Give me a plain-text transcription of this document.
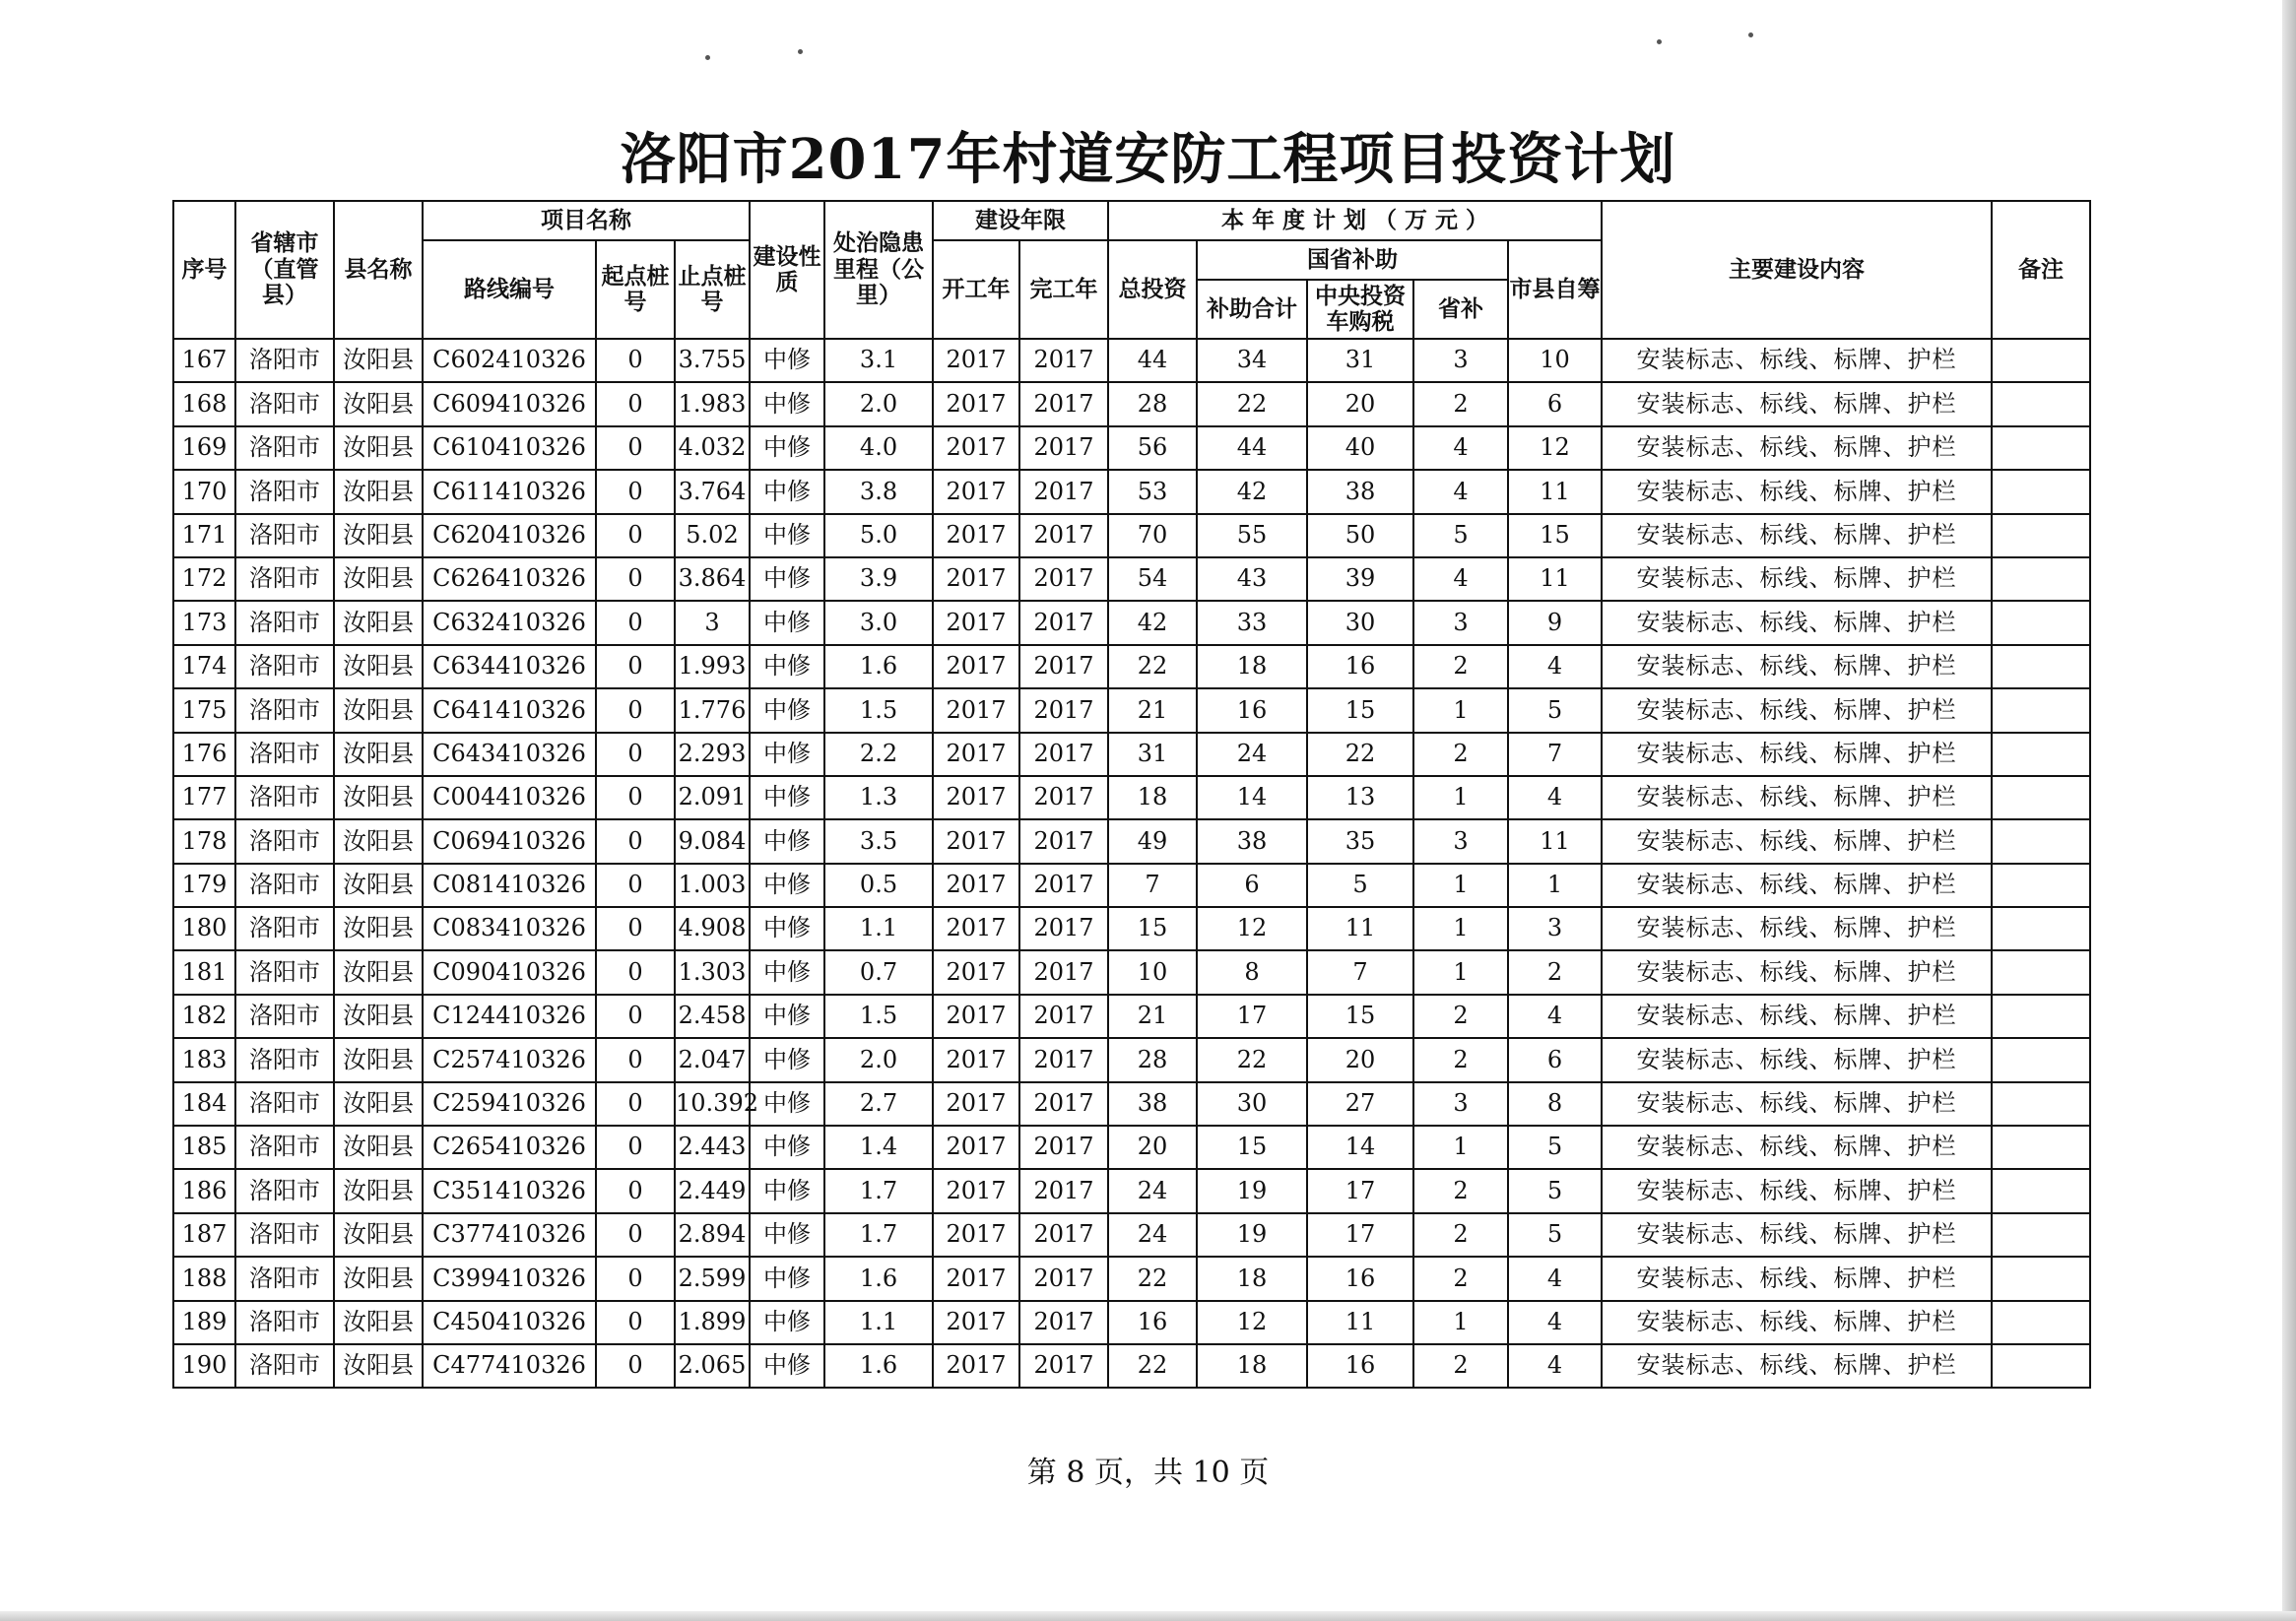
洛阳市2017年村道安防工程项目投资计划
序号	省辖市（直管县）	县名称	项目名称			建设性质	处治隐患里程（公里）	建设年限		本 年 度 计 划 （ 万 元 ）					主要建设内容	备注
			路线编号	起点桩号	止点桩号			开工年	完工年	总投资	国省补助			市县自筹		
											补助合计	中央投资车购税	省补			
167	洛阳市	汝阳县	C602410326	0	3.755	中修	3.1	2017	2017	44	34	31	3	10	安装标志、标线、标牌、护栏	
168	洛阳市	汝阳县	C609410326	0	1.983	中修	2.0	2017	2017	28	22	20	2	6	安装标志、标线、标牌、护栏	
169	洛阳市	汝阳县	C610410326	0	4.032	中修	4.0	2017	2017	56	44	40	4	12	安装标志、标线、标牌、护栏	
170	洛阳市	汝阳县	C611410326	0	3.764	中修	3.8	2017	2017	53	42	38	4	11	安装标志、标线、标牌、护栏	
171	洛阳市	汝阳县	C620410326	0	5.02	中修	5.0	2017	2017	70	55	50	5	15	安装标志、标线、标牌、护栏	
172	洛阳市	汝阳县	C626410326	0	3.864	中修	3.9	2017	2017	54	43	39	4	11	安装标志、标线、标牌、护栏	
173	洛阳市	汝阳县	C632410326	0	3	中修	3.0	2017	2017	42	33	30	3	9	安装标志、标线、标牌、护栏	
174	洛阳市	汝阳县	C634410326	0	1.993	中修	1.6	2017	2017	22	18	16	2	4	安装标志、标线、标牌、护栏	
175	洛阳市	汝阳县	C641410326	0	1.776	中修	1.5	2017	2017	21	16	15	1	5	安装标志、标线、标牌、护栏	
176	洛阳市	汝阳县	C643410326	0	2.293	中修	2.2	2017	2017	31	24	22	2	7	安装标志、标线、标牌、护栏	
177	洛阳市	汝阳县	C004410326	0	2.091	中修	1.3	2017	2017	18	14	13	1	4	安装标志、标线、标牌、护栏	
178	洛阳市	汝阳县	C069410326	0	9.084	中修	3.5	2017	2017	49	38	35	3	11	安装标志、标线、标牌、护栏	
179	洛阳市	汝阳县	C081410326	0	1.003	中修	0.5	2017	2017	7	6	5	1	1	安装标志、标线、标牌、护栏	
180	洛阳市	汝阳县	C083410326	0	4.908	中修	1.1	2017	2017	15	12	11	1	3	安装标志、标线、标牌、护栏	
181	洛阳市	汝阳县	C090410326	0	1.303	中修	0.7	2017	2017	10	8	7	1	2	安装标志、标线、标牌、护栏	
182	洛阳市	汝阳县	C124410326	0	2.458	中修	1.5	2017	2017	21	17	15	2	4	安装标志、标线、标牌、护栏	
183	洛阳市	汝阳县	C257410326	0	2.047	中修	2.0	2017	2017	28	22	20	2	6	安装标志、标线、标牌、护栏	
184	洛阳市	汝阳县	C259410326	0	10.392	中修	2.7	2017	2017	38	30	27	3	8	安装标志、标线、标牌、护栏	
185	洛阳市	汝阳县	C265410326	0	2.443	中修	1.4	2017	2017	20	15	14	1	5	安装标志、标线、标牌、护栏	
186	洛阳市	汝阳县	C351410326	0	2.449	中修	1.7	2017	2017	24	19	17	2	5	安装标志、标线、标牌、护栏	
187	洛阳市	汝阳县	C377410326	0	2.894	中修	1.7	2017	2017	24	19	17	2	5	安装标志、标线、标牌、护栏	
188	洛阳市	汝阳县	C399410326	0	2.599	中修	1.6	2017	2017	22	18	16	2	4	安装标志、标线、标牌、护栏	
189	洛阳市	汝阳县	C450410326	0	1.899	中修	1.1	2017	2017	16	12	11	1	4	安装标志、标线、标牌、护栏	
190	洛阳市	汝阳县	C477410326	0	2.065	中修	1.6	2017	2017	22	18	16	2	4	安装标志、标线、标牌、护栏	
第 8 页，共 10 页
